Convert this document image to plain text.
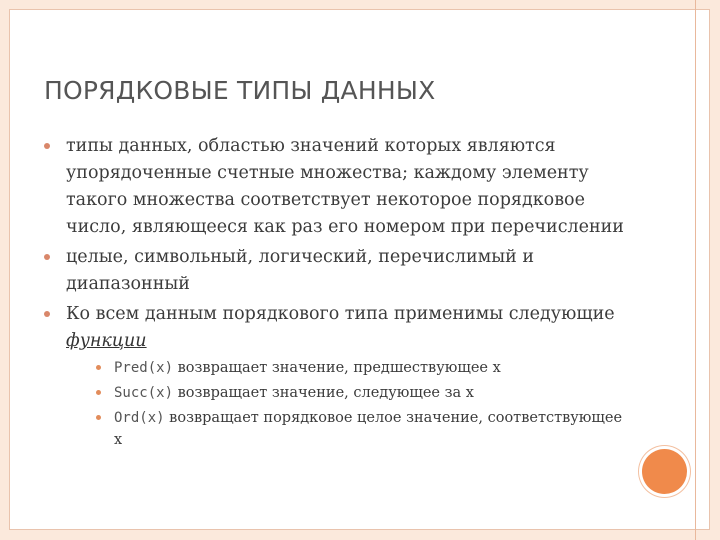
ПОРЯДКОВЫЕ ТИПЫ ДАННЫХ
типы данных, областью значений которых являются упорядоченные счетные множества; каждому элементу такого множества соответствует некоторое порядковое число, являющееся как раз его номером при перечислении
целые, символьный, логический, перечислимый и диапазонный
Ко всем данным порядкового типа применимы следующие функции
Pred(x) возвращает значение, предшествующее x
Succ(x) возвращает значение, следующее за x
Ord(x) возвращает порядковое целое значение, соответствующее x
